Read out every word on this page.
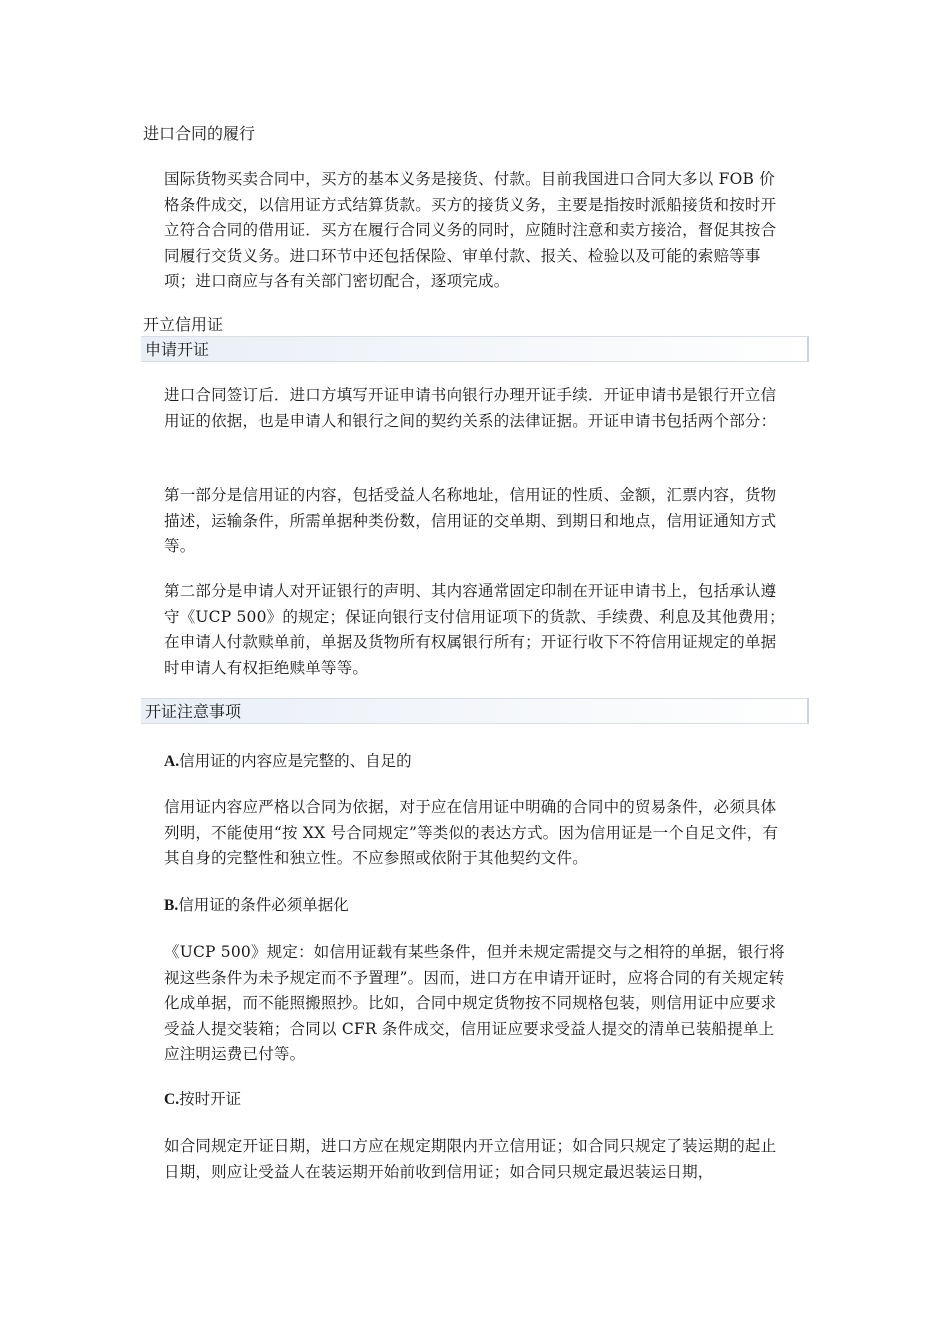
进口合同的履行

国际货物买卖合同中，买方的基本义务是接货、付款。目前我国进口合同大多以 FOB 价格条件成交，以信用证方式结算货款。买方的接货义务，主要是指按时派船接货和按时开立符合合同的借用证．买方在履行合同义务的同时，应随时注意和卖方接洽，督促其按合同履行交货义务。进口环节中还包括保险、审单付款、报关、检验以及可能的索赔等事项；进口商应与各有关部门密切配合，逐项完成。

开立信用证
申请开证

进口合同签订后．进口方填写开证申请书向银行办理开证手续．开证申请书是银行开立信用证的依据，也是申请人和银行之间的契约关系的法律证据。开证申请书包括两个部分：

第一部分是信用证的内容，包括受益人名称地址，信用证的性质、金额，汇票内容，货物描述，运输条件，所需单据种类份数，信用证的交单期、到期日和地点，信用证通知方式等。

第二部分是申请人对开证银行的声明、其内容通常固定印制在开证申请书上，包括承认遵守《UCP 500》的规定；保证向银行支付信用证项下的货款、手续费、利息及其他费用；在申请人付款赎单前，单据及货物所有权属银行所有；开证行收下不符信用证规定的单据时申请人有权拒绝赎单等等。

开证注意事项
A.信用证的内容应是完整的、自足的

信用证内容应严格以合同为依据，对于应在信用证中明确的合同中的贸易条件，必须具体列明，不能使用“按 XX 号合同规定”等类似的表达方式。因为信用证是一个自足文件，有其自身的完整性和独立性。不应参照或依附于其他契约文件。

B.信用证的条件必须单据化

《UCP 500》规定：如信用证载有某些条件，但并未规定需提交与之相符的单据，银行将视这些条件为未予规定而不予置理”。因而，进口方在申请开证时，应将合同的有关规定转化成单据，而不能照搬照抄。比如，合同中规定货物按不同规格包装，则信用证中应要求受益人提交装箱；合同以 CFR 条件成交，信用证应要求受益人提交的清单已装船提单上应注明运费已付等。

C.按时开证

如合同规定开证日期，进口方应在规定期限内开立信用证；如合同只规定了装运期的起止日期，则应让受益人在装运期开始前收到信用证；如合同只规定最迟装运日期，
